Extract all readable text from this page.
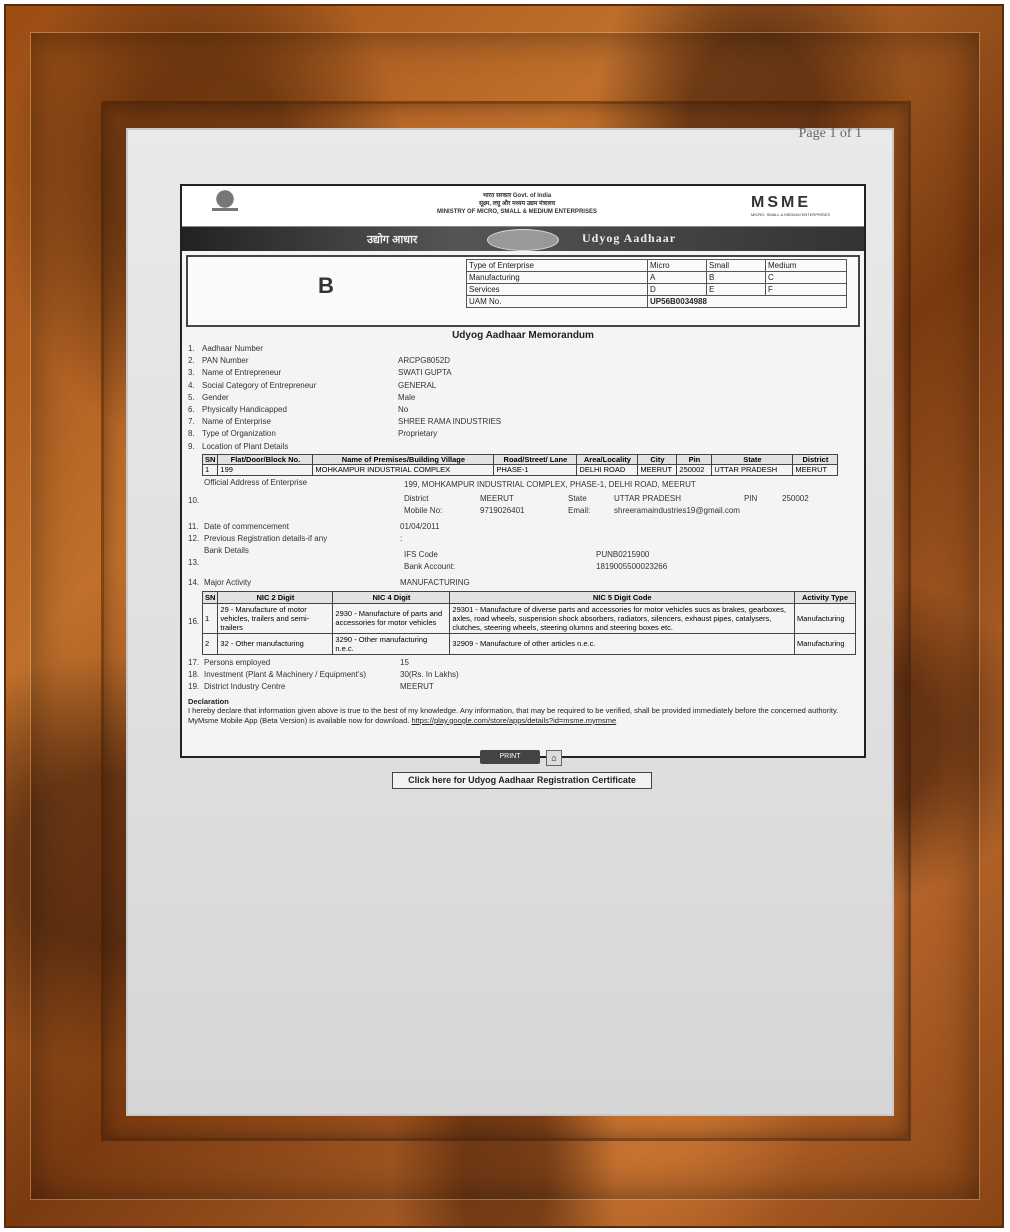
Page 1 of 1
भारत सरकार Govt. of India
सूक्ष्म, लघु और मध्यम उद्यम मंत्रालय
MINISTRY OF MICRO, SMALL & MEDIUM ENTERPRISES
MSME
MICRO, SMALL & MEDIUM ENTERPRISES
उद्योग आधार	Udyog Aadhaar
B
Type of Enterprise	Micro	Small	Medium
Manufacturing	A	B	C
Services	D	E	F
UAM No.	UP56B0034988		
Udyog Aadhaar Memorandum
1. Aadhaar Number
2. PAN Number	ARCPG8052D
3. Name of Entrepreneur	SWATI GUPTA
4. Social Category of Entrepreneur	GENERAL
5. Gender	Male
6. Physically Handicapped	No
7. Name of Enterprise	SHREE RAMA INDUSTRIES
8. Type of Organization	Proprietary
9. Location of Plant Details
SN	Flat/Door/Block No.	Name of Premises/Building Village	Road/Street/ Lane	Area/Locality	City	Pin	State	District
1	199	MOHKAMPUR INDUSTRIAL COMPLEX	PHASE-1	DELHI ROAD	MEERUT	250002	UTTAR PRADESH	MEERUT
10.
Official Address of Enterprise	199, MOHKAMPUR INDUSTRIAL COMPLEX, PHASE-1, DELHI ROAD, MEERUT
District	MEERUT	State	UTTAR PRADESH	PIN	250002
Mobile No:	9719026401	Email:	shreeramaindustries19@gmail.com
11. Date of commencement	01/04/2011
12. Previous Registration details-if any	:
13.
Bank Details	IFS Code	PUNB0215900
Bank Account:	1819005500023266
14. Major Activity	MANUFACTURING
16.
SN	NIC 2 Digit	NIC 4 Digit	NIC 5 Digit Code	Activity Type
1	29 - Manufacture of motor vehicles, trailers and semi-trailers	2930 - Manufacture of parts and accessories for motor vehicles	29301 - Manufacture of diverse parts and accessories for motor vehicles sucs as brakes, gearboxes, axles, road wheels, suspension shock absorbers, radiators, silencers, exhaust pipes, catalysers, clutches, steering wheels, steering olumns and steering boxes etc.	Manufacturing
2	32 - Other manufacturing	3290 - Other manufacturing n.e.c.	32909 - Manufacture of other articles n.e.c.	Manufacturing
17. Persons employed	15
18. Investment (Plant & Machinery / Equipment's)	30(Rs. In Lakhs)
19. District Industry Centre	MEERUT
Declaration
I hereby declare that information given above is true to the best of my knowledge. Any information, that may be required to be verified, shall be provided immediately before the concerned authority.
MyMsme Mobile App (Beta Version) is available now for download. https://play.google.com/store/apps/details?id=msme.mymsme
PRINT	⌂
Click here for Udyog Aadhaar Registration Certificate
